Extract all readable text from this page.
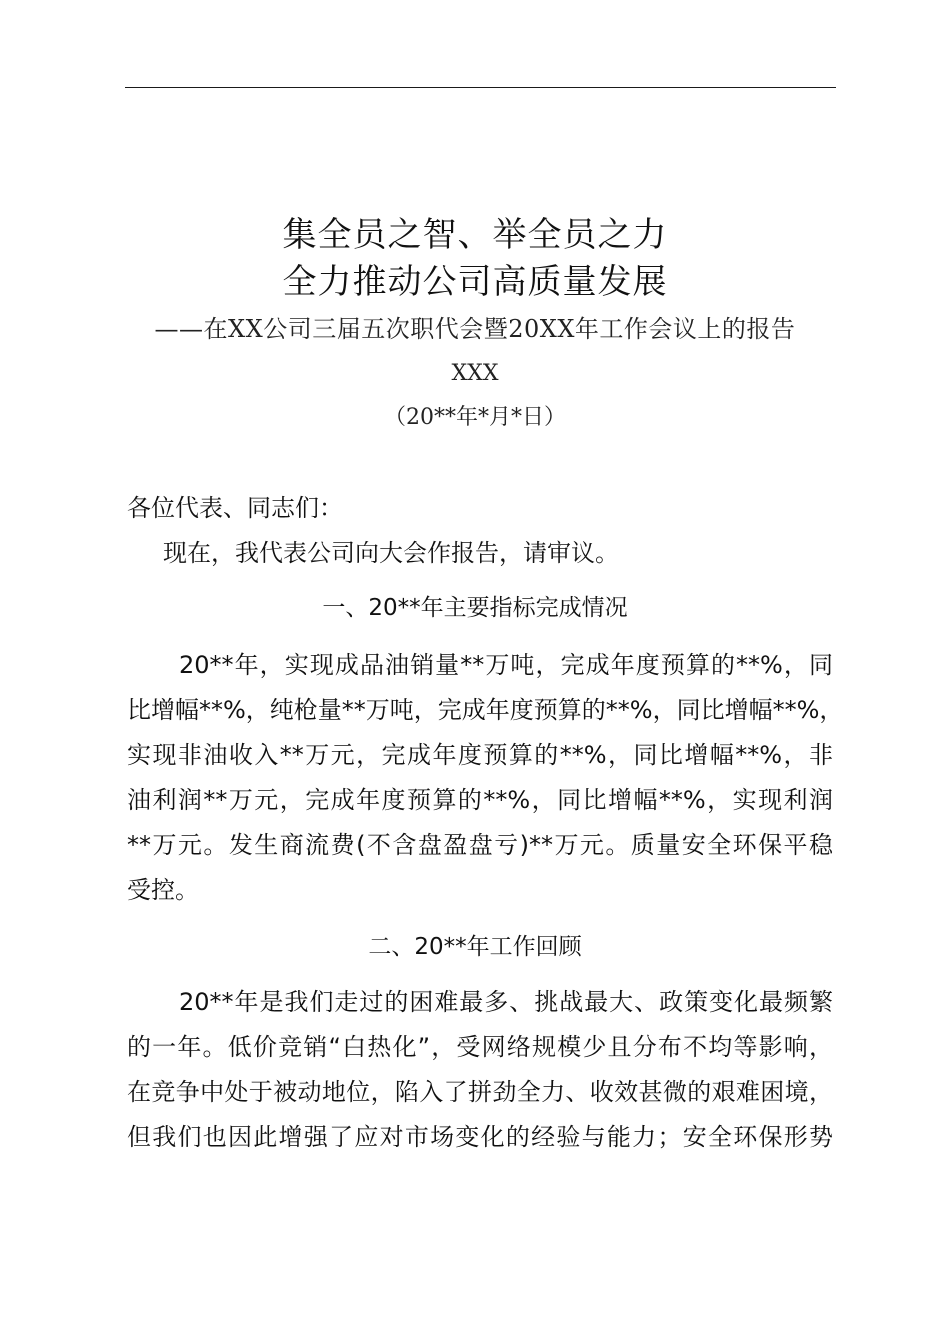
集全员之智、举全员之力
全力推动公司高质量发展
——在XX公司三届五次职代会暨20XX年工作会议上的报告
XXX
（20**年*月*日）
各位代表、同志们：
现在，我代表公司向大会作报告，请审议。
一、20**年主要指标完成情况
20**年，实现成品油销量**万吨，完成年度预算的**%，同
比增幅**%，纯枪量**万吨，完成年度预算的**%，同比增幅**%，
实现非油收入**万元，完成年度预算的**%，同比增幅**%，非
油利润**万元，完成年度预算的**%，同比增幅**%，实现利润
**万元。发生商流费(不含盘盈盘亏)**万元。质量安全环保平稳
受控。
二、20**年工作回顾
20**年是我们走过的困难最多、挑战最大、政策变化最频繁
的一年。低价竞销“白热化”，受网络规模少且分布不均等影响，
在竞争中处于被动地位，陷入了拼劲全力、收效甚微的艰难困境，
但我们也因此增强了应对市场变化的经验与能力；安全环保形势
